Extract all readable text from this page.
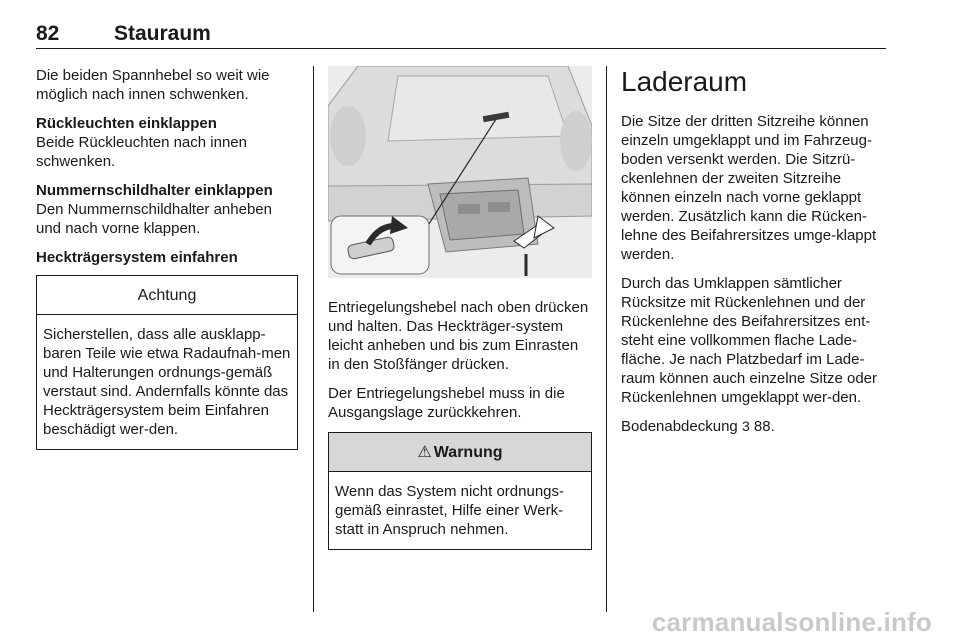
82	Stauraum

Die beiden Spannhebel so weit wie möglich nach innen schwenken.

Rückleuchten einklappen
Beide Rückleuchten nach innen schwenken.

Nummernschildhalter einklappen
Den Nummernschildhalter anheben und nach vorne klappen.

Heckträgersystem einfahren

Achtung
Sicherstellen, dass alle ausklapp-baren Teile wie etwa Radaufnah-men und Halterungen ordnungs-gemäß verstaut sind. Andernfalls könnte das Heckträgersystem beim Einfahren beschädigt wer-den.

Entriegelungshebel nach oben drücken und halten. Das Heckträger-system leicht anheben und bis zum Einrasten in den Stoßfänger drücken.

Der Entriegelungshebel muss in die Ausgangslage zurückkehren.

⚠ Warnung
Wenn das System nicht ordnungs-gemäß einrastet, Hilfe einer Werk-statt in Anspruch nehmen.
Laderaum

Die Sitze der dritten Sitzreihe können einzeln umgeklappt und im Fahrzeug-boden versenkt werden. Die Sitzrü-ckenlehnen der zweiten Sitzreihe können einzeln nach vorne geklappt werden. Zusätzlich kann die Rücken-lehne des Beifahrersitzes umge-klappt werden.

Durch das Umklappen sämtlicher Rücksitze mit Rückenlehnen und der Rückenlehne des Beifahrersitzes ent-steht eine vollkommen flache Lade-fläche. Je nach Platzbedarf im Lade-raum können auch einzelne Sitze oder Rückenlehnen umgeklappt wer-den.

Bodenabdeckung 3 88.

carmanualsonline.info
